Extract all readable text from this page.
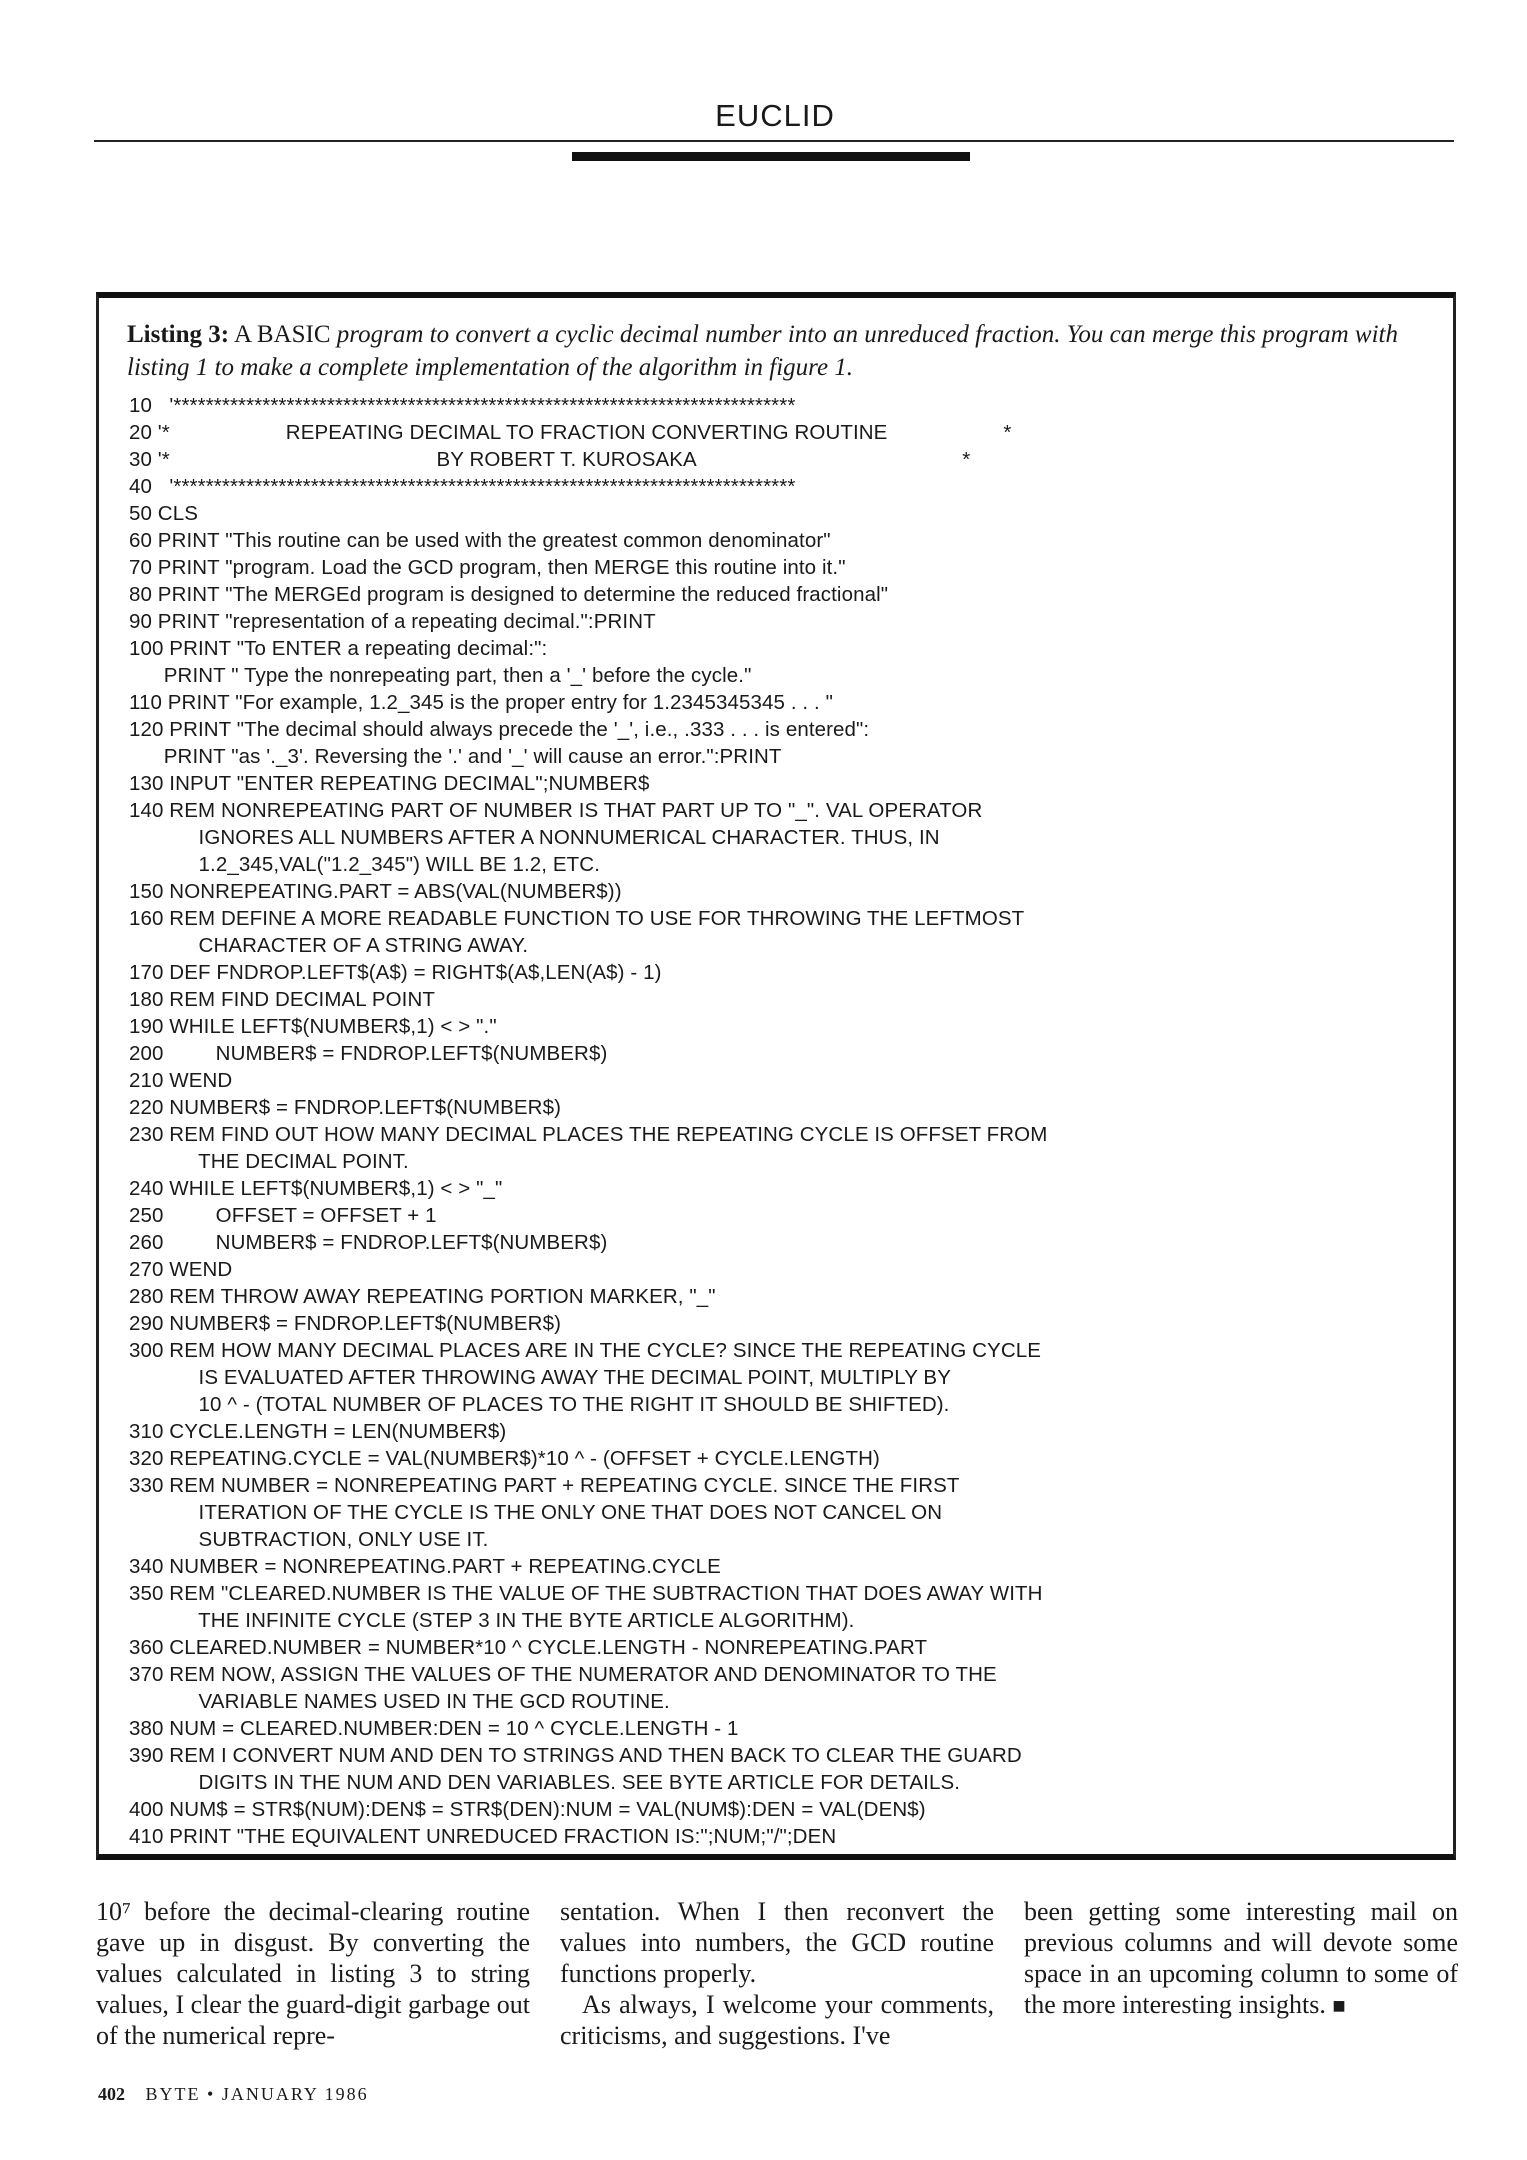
EUCLID
Listing 3: A BASIC program to convert a cyclic decimal number into an unreduced fraction. You can merge this program with listing 1 to make a complete implementation of the algorithm in figure 1.
10   '*****************************************************************************
20 '*                    REPEATING DECIMAL TO FRACTION CONVERTING ROUTINE                    *
30 '*                                              BY ROBERT T. KUROSAKA                                              *
40   '*****************************************************************************
50 CLS
60 PRINT "This routine can be used with the greatest common denominator"
70 PRINT "program. Load the GCD program, then MERGE this routine into it."
80 PRINT "The MERGEd program is designed to determine the reduced fractional"
90 PRINT "representation of a repeating decimal.":PRINT
100 PRINT "To ENTER a repeating decimal:":
PRINT " Type the nonrepeating part, then a '_' before the cycle."
110 PRINT "For example, 1.2_345 is the proper entry for 1.2345345345 . . . "
120 PRINT "The decimal should always precede the '_', i.e., .333 . . . is entered":
PRINT "as '._3'. Reversing the '.' and '_' will cause an error.":PRINT
130 INPUT "ENTER REPEATING DECIMAL";NUMBER$
140 REM NONREPEATING PART OF NUMBER IS THAT PART UP TO "_". VAL OPERATOR
IGNORES ALL NUMBERS AFTER A NONNUMERICAL CHARACTER. THUS, IN
1.2_345,VAL("1.2_345") WILL BE 1.2, ETC.
150 NONREPEATING.PART = ABS(VAL(NUMBER$))
160 REM DEFINE A MORE READABLE FUNCTION TO USE FOR THROWING THE LEFTMOST
CHARACTER OF A STRING AWAY.
170 DEF FNDROP.LEFT$(A$) = RIGHT$(A$,LEN(A$) - 1)
180 REM FIND DECIMAL POINT
190 WHILE LEFT$(NUMBER$,1) < > "."
200         NUMBER$ = FNDROP.LEFT$(NUMBER$)
210 WEND
220 NUMBER$ = FNDROP.LEFT$(NUMBER$)
230 REM FIND OUT HOW MANY DECIMAL PLACES THE REPEATING CYCLE IS OFFSET FROM
THE DECIMAL POINT.
240 WHILE LEFT$(NUMBER$,1) < > "_"
250         OFFSET = OFFSET + 1
260         NUMBER$ = FNDROP.LEFT$(NUMBER$)
270 WEND
280 REM THROW AWAY REPEATING PORTION MARKER, "_"
290 NUMBER$ = FNDROP.LEFT$(NUMBER$)
300 REM HOW MANY DECIMAL PLACES ARE IN THE CYCLE? SINCE THE REPEATING CYCLE
IS EVALUATED AFTER THROWING AWAY THE DECIMAL POINT, MULTIPLY BY
10 ^ - (TOTAL NUMBER OF PLACES TO THE RIGHT IT SHOULD BE SHIFTED).
310 CYCLE.LENGTH = LEN(NUMBER$)
320 REPEATING.CYCLE = VAL(NUMBER$)*10 ^ - (OFFSET + CYCLE.LENGTH)
330 REM NUMBER = NONREPEATING PART + REPEATING CYCLE. SINCE THE FIRST
ITERATION OF THE CYCLE IS THE ONLY ONE THAT DOES NOT CANCEL ON
SUBTRACTION, ONLY USE IT.
340 NUMBER = NONREPEATING.PART + REPEATING.CYCLE
350 REM "CLEARED.NUMBER IS THE VALUE OF THE SUBTRACTION THAT DOES AWAY WITH
THE INFINITE CYCLE (STEP 3 IN THE BYTE ARTICLE ALGORITHM).
360 CLEARED.NUMBER = NUMBER*10 ^ CYCLE.LENGTH - NONREPEATING.PART
370 REM NOW, ASSIGN THE VALUES OF THE NUMERATOR AND DENOMINATOR TO THE
VARIABLE NAMES USED IN THE GCD ROUTINE.
380 NUM = CLEARED.NUMBER:DEN = 10 ^ CYCLE.LENGTH - 1
390 REM I CONVERT NUM AND DEN TO STRINGS AND THEN BACK TO CLEAR THE GUARD
DIGITS IN THE NUM AND DEN VARIABLES. SEE BYTE ARTICLE FOR DETAILS.
400 NUM$ = STR$(NUM):DEN$ = STR$(DEN):NUM = VAL(NUM$):DEN = VAL(DEN$)
410 PRINT "THE EQUIVALENT UNREDUCED FRACTION IS:";NUM;"/";DEN

10⁷ before the decimal-clearing routine gave up in disgust. By converting the values calculated in listing 3 to string values, I clear the guard-digit garbage out of the numerical repre-

sentation. When I then reconvert the values into numbers, the GCD routine functions properly.

As always, I welcome your comments, criticisms, and suggestions. I've

been getting some interesting mail on previous columns and will devote some space in an upcoming column to some of the more interesting insights. ■

402 BYTE • JANUARY 1986
